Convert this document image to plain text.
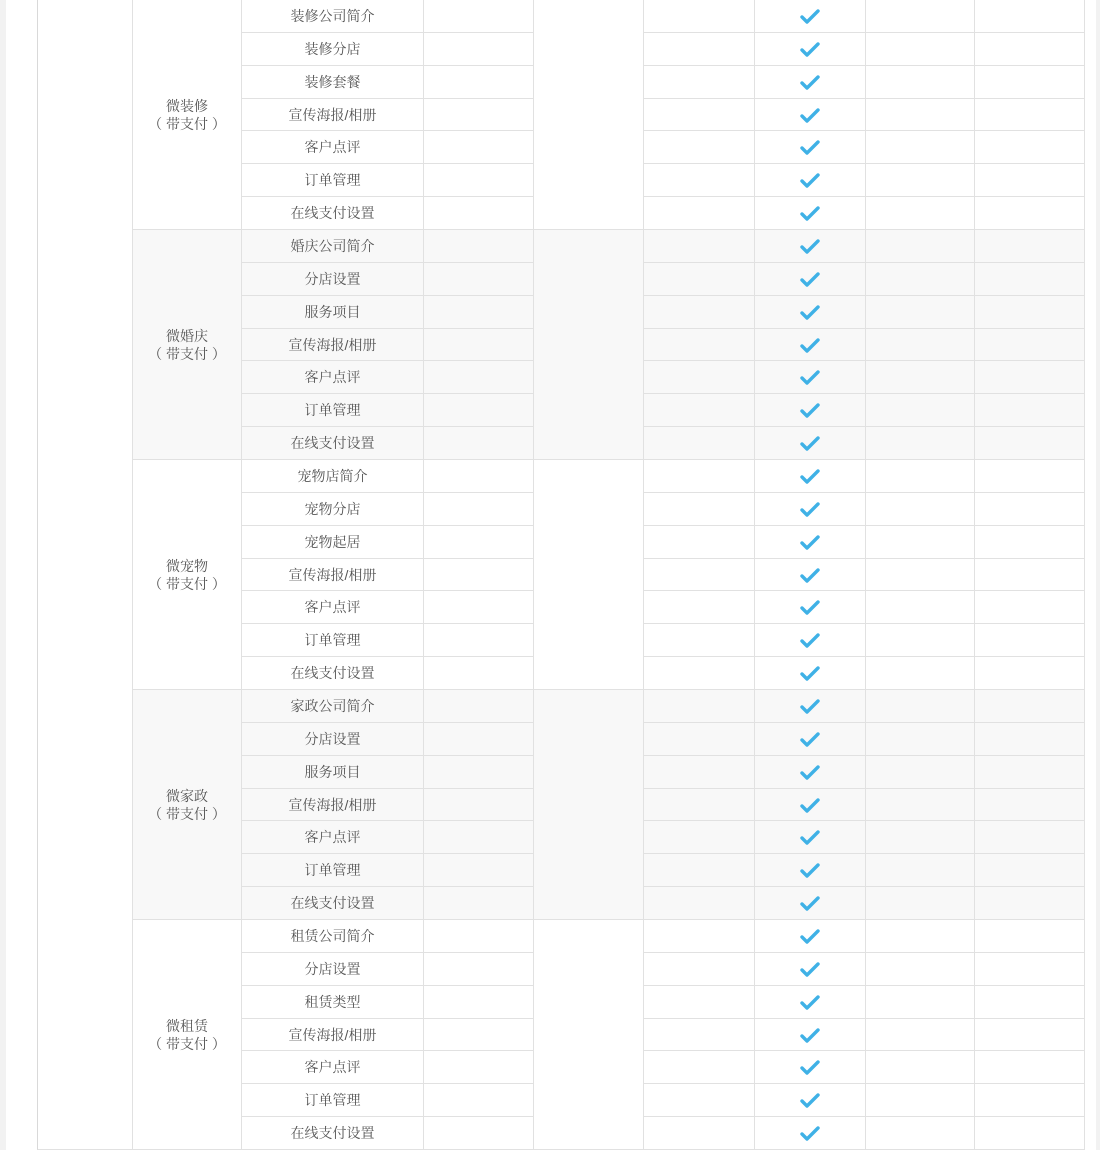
微装修
（ 带支付 ）
装修公司简介
装修分店
装修套餐
宣传海报/相册
客户点评
订单管理
在线支付设置
微婚庆
（ 带支付 ）
婚庆公司简介
分店设置
服务项目
宣传海报/相册
客户点评
订单管理
在线支付设置
微宠物
（ 带支付 ）
宠物店简介
宠物分店
宠物起居
宣传海报/相册
客户点评
订单管理
在线支付设置
微家政
（ 带支付 ）
家政公司简介
分店设置
服务项目
宣传海报/相册
客户点评
订单管理
在线支付设置
微租赁
（ 带支付 ）
租赁公司简介
分店设置
租赁类型
宣传海报/相册
客户点评
订单管理
在线支付设置
